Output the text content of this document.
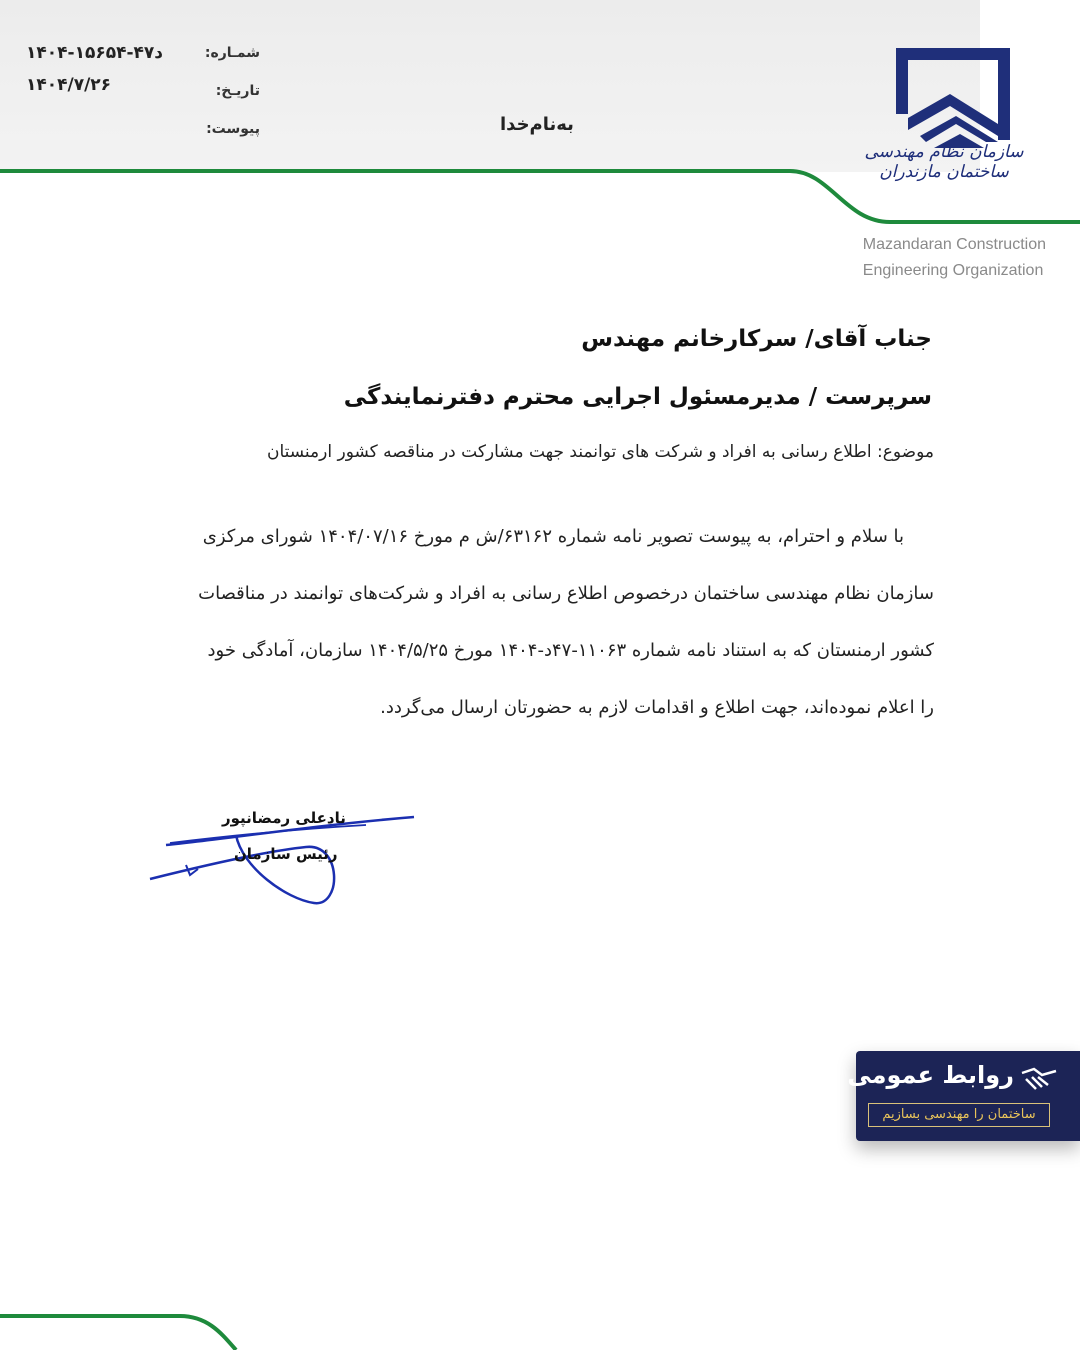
سازمان نظام مهندسی ساختمان مازندران
Mazandaran Construction
Engineering Organization
شمـاره:
تاریـخ:
پیوست:
۱۴۰۴-د۴۷-۱۵۶۵۴
۱۴۰۴/۷/۲۶
به‌نام‌خدا
جناب آقای/ سرکارخانم مهندس
سرپرست / مدیرمسئول اجرایی محترم دفترنمایندگی
موضوع: اطلاع رسانی به افراد و شرکت های توانمند جهت مشارکت در مناقصه کشور ارمنستان
با سلام و احترام، به پیوست تصویر نامه شماره ۶۳۱۶۲/ش م مورخ ۱۴۰۴/۰۷/۱۶ شورای مرکزی
سازمان نظام مهندسی ساختمان درخصوص اطلاع رسانی به افراد و شرکت‌های توانمند در مناقصات
کشور ارمنستان که به استناد نامه شماره ۱۱۰۶۳-۴۷د-۱۴۰۴ مورخ ۱۴۰۴/۵/۲۵ سازمان، آمادگی خود
را اعلام نموده‌اند، جهت اطلاع و اقدامات لازم به حضورتان ارسال می‌گردد.
نادعلی رمضانپور
رئیس سازمان
روابط عمومی
ساختمان را مهندسی بسازیم
